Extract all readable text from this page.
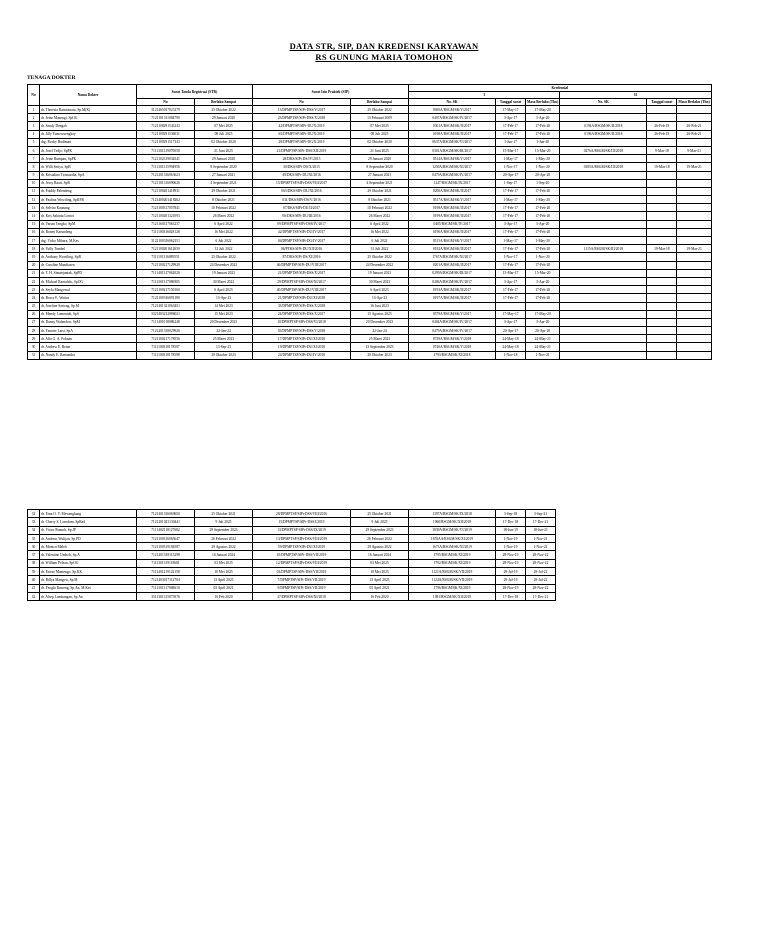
DATA STR, SIP, DAN KREDENSI KARYAWAN
RS GUNUNG MARIA TOMOHON
TENAGA DOKTER
No	Nama Dokter	Surat Tanda Registrasi (STR)		Surat Izin Praktek (SIP)		Kredensial					
						I			II		
		No	Berlaku Sampai	No	Berlaku Sampai	No. SK	Tanggal surat	Masa Berlaku (Thn)	No. SK	Tanggal surat	Masa Berlaku (Thn)
1	dr. Theresia Rantioinatu, Sp.M(K)	3121465017023179	25 Oktober 2022	13/DPMPTSP/SIPt-DSS/V/2017	25 Oktober 2022	0300A/RSGM/SK/V/2017	17-May-17	17-May-20			
2	dr. Jeine Manengi, SpOG	7121101311084790	29 Januari 2020	23/DPMPTSP/SIPt-DSS/X/2018	13 Februari 2009	0407A/RSGM/SK/IV/2017	3-Apr-17	3-Apr-20			
3	dr. Sendy Dengah	7121108291543243	07 Mei 2025	42/DPMPTSP/SIPt-DU/X/2019	07 Mei 2025	0301A/RSGM/SK/II/2017	17-Feb-17	17-Feb-20	0194A/RSGM/SK/II/2018	26-Feb-18	26-Feb-21
4	dr. Jilly Tumewuengkay	7121100291536031	08 Juli 2025	65/DPMPTSP/SIPt-DU/X/2019	08 Juli 2025	0198A/RSGM/SK/II/2017	17-Feb-17	17-Feb-20	0196A/RSGM/SK/II/2018	26-Feb-18	26-Feb-21
5	drg. Rocky Budiman	7121100291517343	02 Oktober 2020	28/DPMPTSP/SIPt-DG/X/2019	02 Oktober 2020	0637A/RSGM/SK/VI/2017	1-Jun-17	1-Jun-20			
6	dr. Josef Tedjo, SpPK	7111301319070050	21 Juni 2025	21/DPMPTSP/SIPt-DSS/XII/2019	21 Juni 2025	0301A/RSGM/SK/III/2017	15-Mar-17	15-Mar-20	0276A/RSGM/SK/III/2018	9-Mar-18	9-Mar-21
7	dr. Jeine Rumpan, SpPK	7121102319034541	29 Januari 2020	28/DKS/SIPt-DS/IV/2015	29 Januari 2020	0514A/RSGM/SK/V/2017	1-May-17	1-May-20			
8	dr. Willi Setiya, SpB	7111301315994956	8 September 2020	30/DKS/SIPt-DS/X/2015	8 September 2020	1250A/RSGM/SK/XI/2017	1-Nov-17	1-Nov-20	0185A/RSGM/SK/III/2018	19-Mar-18	19-Mar-21
9	dr. Kristalina Tirtasurdia, SpA	7121201316063623	27 Januari 2021	49/DKS/SIPt-DU/XI/2016	27 Januari 2021	0479A/RSGM/SK/IV/2017	20-Apr-17	20-Apr-20			
10	dr. Jessy Rauti, SpB	7121101316090626	4 September 2021	15/DPMPTSP/SIPt-DSS/VIII/2017	4 September 2021	1247/RSGM/SK/IX/2017	1-Sep-17	1-Sep-20			
11	dr. Fraddy Palendeng	7121100201418931	29 Oktober 2021	065/DKS/SIPt-DU/XI/2016	29 Oktober 2021	0200A/RSGM/SK/II/2017	17-Feb-17	17-Feb-20			
12	dr. Paulina Wowiling, SpKFR	7121400201418262	8 Oktober 2021	031/DKS/SIPt-DS/V/2016	8 Oktober 2021	0517A/RSGM/SK/V/2017	1-May-17	1-May-20			
13	dr. Selvira Kaunang	7121100317057841	10 Februari 2022	07/DKS/SIPt-DU/II/2017	10 Februari 2022	0198A/RSGM/SK/II/2017	17-Feb-17	17-Feb-20			
14	dr. Kris Sakinta Lontoi	7121100201321093	26 Maret 2022	06/DKS/SIPt-DU/III/2016	26 Maret 2022	0199A/RSGM/SK/II/2017	17-Feb-17	17-Feb-20			
15	dr. Varian Tengko, SpM	7121160317063237	6 April 2022	09/DPMPTSP/SIPt-DSS/IV/2017	6 April 2022	0405/RSGM/SK/IV/2017	3-Apr-17	3-Apr-20			
16	dr. Ronny Karundeng	7111100316028128	16 Mei 2022	42/DPMPTSP/SIPt-DU/IV/2017	16 Mei 2022	0196A/RSGM/SK/II/2017	17-Feb-17	17-Feb-20			
17	drg. Vicko Mihara, M.Kes	3122100316062151	6 Juli 2022	04/DPMPTSP/SIPt-DG/IV/2017	6 Juli 2022	0515A/RSGM/SK/V/2017	1-May-17	1-May-20			
18	dr. Yully Tumbel	7121100201612650	31 Juli 2022	06/PTKS/SIPt-DU/XII/2016	31 Juli 2022	0192A/RSGM/SK/II/2017	17-Feb-17	17-Feb-20	1115A/RSGM/SK/III/2018	19-Mar-18	19-Mar-21
19	dr. Anthony Wowiling, SpB	7111101316089551	25 Oktober 2022	87/DKS/SIPt-DS/XI/2016	25 Oktober 2022	1767A/RSGM/SK/XI/2017	1-Nov-17	1-Nov-20			
20	dr. Caroline Mandiasen	7121100217129929	24 Desember 2022	46/DPMPTSP/SIPt-DU/VIII/2017	24 Desember 2022	0201A/RSGM/SK/II/2017	17-Feb-17	17-Feb-20			
21	dr. T. H. Simanjuntak, SpPD	7111401317062020	19 Januari 2023	21/DPMPTSP/SIPt-DSS/X/2017	19 Januari 2023	0299A/RSGM/SK/III/2017	15-Mar-17	15-Mar-20			
22	dr. Michael Rantulalo, SpOG	7111301317086905	30 Maret 2023	29/DPMPTSP/SIPt-DSS/XI/2017	30 Maret 2023	0406A/RSGM/SK/IV/2017	3-Apr-17	3-Apr-20			
23	dr. Seyla Mangowal	7121100217150160	6 April 2023	40/DPMPTSP/SIPt-DU/VIII/2017	6 April 2023	0193A/RSGM/SK/II/2017	17-Feb-17	17-Feb-20			
24	dr. Rossy E. Wattur	7121100316091180	13-Apr-23	21/DPMPTSP/SIPt-DU/XI/2018	13-Apr-23	0197A/RSGM/SK/II/2017	17-Feb-17	17-Feb-20			
25	dr. Josefine Sarioag, Sp.M	7121401321063451	14 Mei 2023	33/DPMPTSP/SIPt-DSS/X/2018	16 Juni 2023						
26	dr. Mendy Lumentah, SpS	3321403212086021	15 Mei 2023	24/DPMPTSP/SIPt-DSS/X/2017	15 Agustus 2023	0579A/RSGM/SK/V/2017	17-May-17	17-May-20			
27	dr. Danny Walandow, SpM	7111401018086248	20 Desember 2023	10/DPMPTSP/SIPt-DSS/VI/2018	20 Desember 2023	0404A/RSGM/SK/IV/2017	3-Apr-17	3-Apr-20			
28	dr. Yaunter Laisi, SpA	7121201318029926	22-Jan-24	03/DPMPTSP/SIPt-DSS/V/2018	22-Jan-24	0479A/RSGM/SK/IV/2017	20-Apr-17	20-Apr-20			
29	dr. Alfa G. A. Pohaan	7121100217178556	25 Maret 2023	17/DPMPTSP/SIPt-DU/XI/2018	25 Maret 2023	0739A/RSGM/SK/V/2018	24-May-18	24-May-21			
30	dr. Andrew E. Betan	7111100318178597	13-Sep-23	19/DPMPTSP/SIPt-DU/XI/2018	13 September 2023	0740A/RSGM/SK/V/2018	24-May-18	24-May-21			
31	dr. Nandy E. Ramandor	7111100318178598	20 Oktober 2023	24/DPMPTSP/SIPt-DU/IV/2018	20 Oktober 2023	1793/RSGM/SK/XI/2018	1-Nov-18	1-Nov-21			
32	dr. Erna O. V. Mewengkang	7121401316069650	25 Oktober 2021	28/DPMPTSP/SIPt-DSS/VIII/2016	25 Oktober 2021	1397A/RSGM/SK/IX/2018	3-Sep-18	3-Sep-21
33	dr. Cherry S. Lonsdam, SpRad	7121201023130441	9 Juli 2025	15/DPMPTSP/SIPt-DSS/I/2019	9 Juli 2025	1960/RSGM/SK/XII/2018	17-Dec-18	17-Dec-21
34	dr. Victor Rumoh, Sp.JP	7111402518127682	29 September 2023	13/DPMPTSP/SIPt-DSS/IX/2019	29 September 2023	1839A/RSGM/SK/VI/2019	18-Jun-19	18-Jun-21
35	dr. Andreas Wulijan, Sp.PD	7121100316065647	26 Februari 2022	13/DPMPTSP/SIPt-DSS/VIII/2019	26 Februari 2022	1676AA/RSGM/SK/XI/2019	1-Nov-19	1-Nov-21
36	dr. Monica Maleh	7121100319194587	29 Agustus 2022	59/DPMPTSP/SIPt-DU/XI/2019	29 Agustus 2022	1673A/RSGM/SK/XI/2019	1-Nov-19	1-Nov-22
37	dr. Valentine Umboh, Sp.A	7121201318115298	16 Januari 2024	10/DPMPTSP/SIPt-DSS/VII/2019	16 Januari 2024	1795/RSGM/SK/XI/2019	28-Nov-19	28-Nov-22
38	dr. William Pelean, SpOG	7111301319118681	03 Mei 2025	12/DPMPTSP/SIPt-DSS/VIII/2019	03 Mei 2025	1792/RSGM/SK/XI/2019	28-Nov-19	28-Nov-22
39	dr. Esteze Mamengo, Sp.KK	7111401219122158	10 Mei 2025	03/DPMPTSP/SIPt-DSS/VII/2019	10 Mei 2025	1121A/RSGM/SK/VII/2019	29-Jul-19	29-Jul-22
40	dr. Billya Mangow, Sp.M	7121403017112704	15 April 2025	7/DPMPTSP/SIPt-DSS/VII/2019	15 April 2025	1124A/RSGM/SK/VII/2019	29-Jul-19	29-Jul-22
41	dr. Yeoghi Ruweng, Sp.An, M.Kes	7111301317068610	05 April 2021	9/DPMPTSP/SIPt-DSS/VII/2019	05 April 2021	1796/RSGM/SK/XI/2019	28-Nov-19	28-Nov-22
42	dr. Alsep Lumbangan, Sp.An	3511301315073976	16 Feb 2020	27/DPMPTSP/SIPt-DSS/XI/2018	16 Feb 2020	1981/RSGM/SK/XII/2018	17-Dec-18	17-Dec-21
